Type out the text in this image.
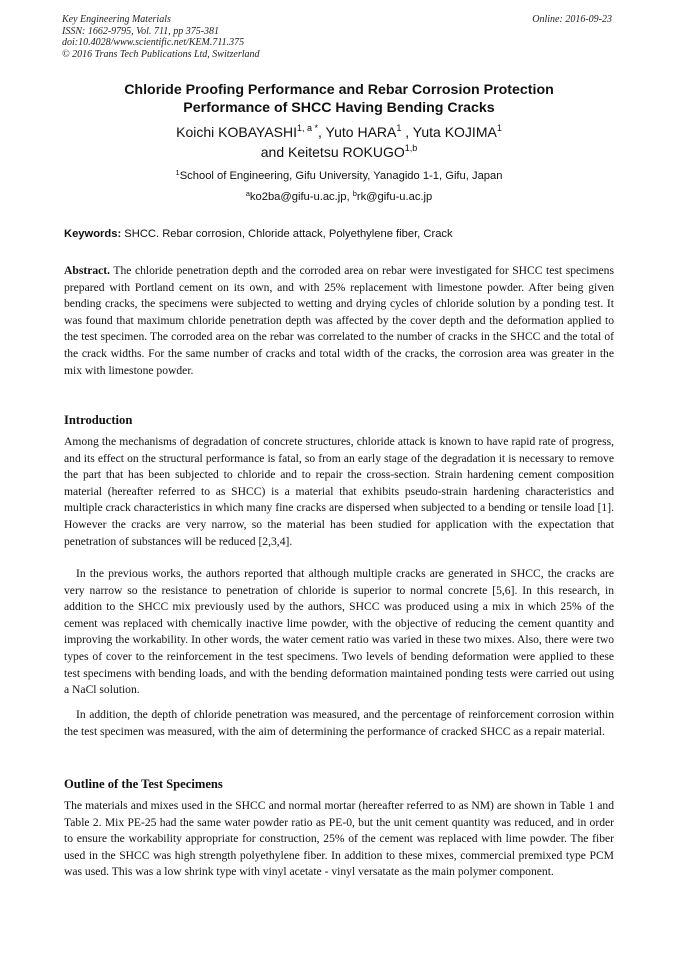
Key Engineering Materials
ISSN: 1662-9795, Vol. 711, pp 375-381
doi:10.4028/www.scientific.net/KEM.711.375
© 2016 Trans Tech Publications Ltd, Switzerland
Online: 2016-09-23
Chloride Proofing Performance and Rebar Corrosion Protection
Performance of SHCC Having Bending Cracks
Koichi $KOBAYASHI^{1, a *}$, Yuto HARA$^1$ , Yuta KOJIMA$^1$
and Keitetsu ROKUGO$^{1,b}$
$^1$School of Engineering, Gifu University, Yanagido 1-1, Gifu, Japan
$^a$ko2ba@gifu-u.ac.jp, $^b$rk@gifu-u.ac.jp
Keywords: SHCC. Rebar corrosion, Chloride attack, Polyethylene fiber, Crack
Abstract. The chloride penetration depth and the corroded area on rebar were investigated for SHCC test specimens prepared with Portland cement on its own, and with 25% replacement with limestone powder. After being given bending cracks, the specimens were subjected to wetting and drying cycles of chloride solution by a ponding test. It was found that maximum chloride penetration depth was affected by the cover depth and the deformation applied to the test specimen. The corroded area on the rebar was correlated to the number of cracks in the SHCC and the total of the crack widths. For the same number of cracks and total width of the cracks, the corrosion area was greater in the mix with limestone powder.
Introduction
Among the mechanisms of degradation of concrete structures, chloride attack is known to have rapid rate of progress, and its effect on the structural performance is fatal, so from an early stage of the degradation it is necessary to remove the part that has been subjected to chloride and to repair the cross-section. Strain hardening cement composition material (hereafter referred to as SHCC) is a material that exhibits pseudo-strain hardening characteristics and multiple crack characteristics in which many fine cracks are dispersed when subjected to a bending or tensile load [1]. However the cracks are very narrow, so the material has been studied for application with the expectation that penetration of substances will be reduced [2,3,4].
In the previous works, the authors reported that although multiple cracks are generated in SHCC, the cracks are very narrow so the resistance to penetration of chloride is superior to normal concrete [5,6]. In this research, in addition to the SHCC mix previously used by the authors, SHCC was produced using a mix in which 25% of the cement was replaced with chemically inactive lime powder, with the objective of reducing the cement quantity and improving the workability. In other words, the water cement ratio was varied in these two mixes. Also, there were two types of cover to the reinforcement in the test specimens. Two levels of bending deformation were applied to these test specimens with bending loads, and with the bending deformation maintained ponding tests were carried out using a NaCl solution.
In addition, the depth of chloride penetration was measured, and the percentage of reinforcement corrosion within the test specimen was measured, with the aim of determining the performance of cracked SHCC as a repair material.
Outline of the Test Specimens
The materials and mixes used in the SHCC and normal mortar (hereafter referred to as NM) are shown in Table 1 and Table 2. Mix PE-25 had the same water powder ratio as PE-0, but the unit cement quantity was reduced, and in order to ensure the workability appropriate for construction, 25% of the cement was replaced with lime powder. The fiber used in the SHCC was high strength polyethylene fiber. In addition to these mixes, commercial premixed type PCM was used. This was a low shrink type with vinyl acetate - vinyl versatate as the main polymer component.
